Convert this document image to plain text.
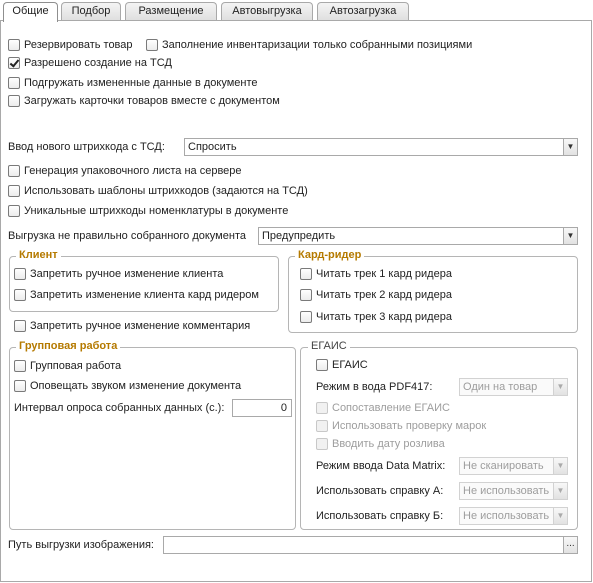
Общие	Подбор	Размещение	Автовыгрузка	Автозагрузка
Резервировать товар	Заполнение инвентаризации только собранными позициями
Разрешено создание на ТСД
Подгружать измененные данные в документе
Загружать карточки товаров вместе с документом
Ввод нового штрихкода с ТСД:	Спросить	▼
Генерация упаковочного листа на сервере
Использовать шаблоны штрихкодов (задаются на ТСД)
Уникальные штрихкоды номенклатуры в документе
Выгрузка не правильно собранного документа	Предупредить	▼
Клиент
Запретить ручное изменение клиента
Запретить изменение клиента кард ридером
Кард-ридер
Читать трек 1 кард ридера
Читать трек 2 кард ридера
Читать трек 3 кард ридера
Запретить ручное изменение комментария
Групповая работа
Групповая работа
Оповещать звуком изменение документа
Интервал опроса собранных данных (с.):	0
ЕГАИС
ЕГАИС
Режим в вода PDF417:	Один на товар	▼
Сопоставление ЕГАИС
Использовать проверку марок
Вводить дату розлива
Режим ввода Data Matrix:	Не сканировать	▼
Использовать справку А:	Не использовать ▼
Использовать справку Б:	Не использовать ▼
Путь выгрузки изображения:	...
